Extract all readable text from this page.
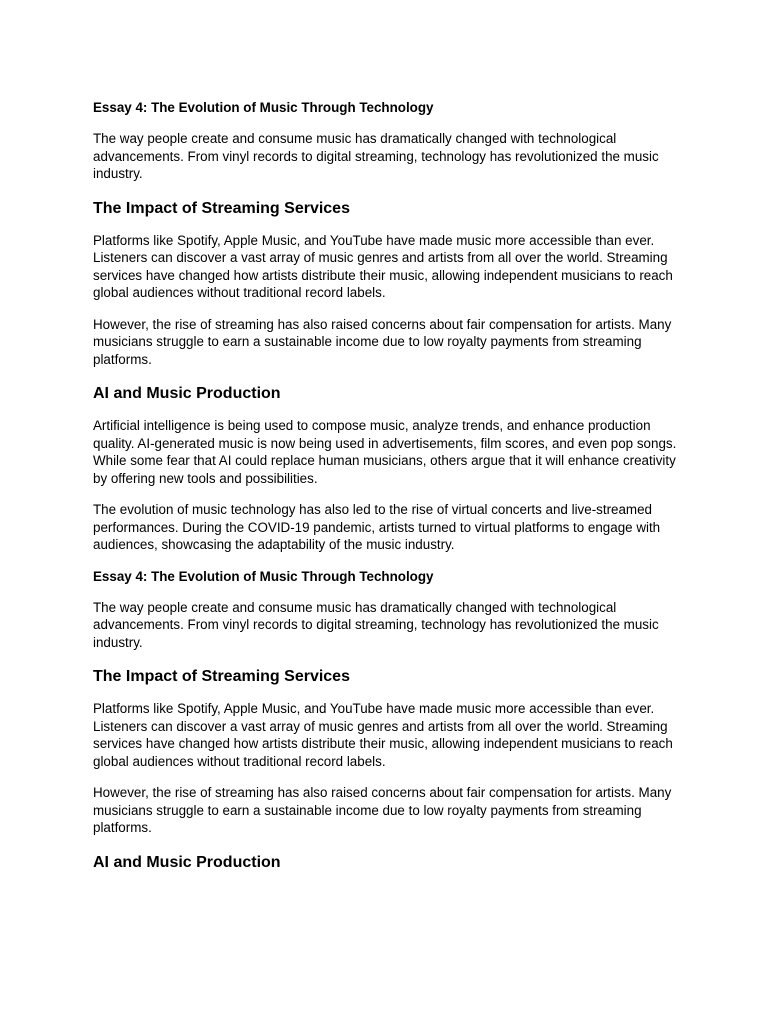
Essay 4: The Evolution of Music Through Technology

The way people create and consume music has dramatically changed with technological advancements. From vinyl records to digital streaming, technology has revolutionized the music industry.

The Impact of Streaming Services

Platforms like Spotify, Apple Music, and YouTube have made music more accessible than ever. Listeners can discover a vast array of music genres and artists from all over the world. Streaming services have changed how artists distribute their music, allowing independent musicians to reach global audiences without traditional record labels.

However, the rise of streaming has also raised concerns about fair compensation for artists. Many musicians struggle to earn a sustainable income due to low royalty payments from streaming platforms.

AI and Music Production

Artificial intelligence is being used to compose music, analyze trends, and enhance production quality. AI-generated music is now being used in advertisements, film scores, and even pop songs. While some fear that AI could replace human musicians, others argue that it will enhance creativity by offering new tools and possibilities.

The evolution of music technology has also led to the rise of virtual concerts and live-streamed performances. During the COVID-19 pandemic, artists turned to virtual platforms to engage with audiences, showcasing the adaptability of the music industry.

Essay 4: The Evolution of Music Through Technology

The way people create and consume music has dramatically changed with technological advancements. From vinyl records to digital streaming, technology has revolutionized the music industry.

The Impact of Streaming Services

Platforms like Spotify, Apple Music, and YouTube have made music more accessible than ever. Listeners can discover a vast array of music genres and artists from all over the world. Streaming services have changed how artists distribute their music, allowing independent musicians to reach global audiences without traditional record labels.

However, the rise of streaming has also raised concerns about fair compensation for artists. Many musicians struggle to earn a sustainable income due to low royalty payments from streaming platforms.

AI and Music Production
